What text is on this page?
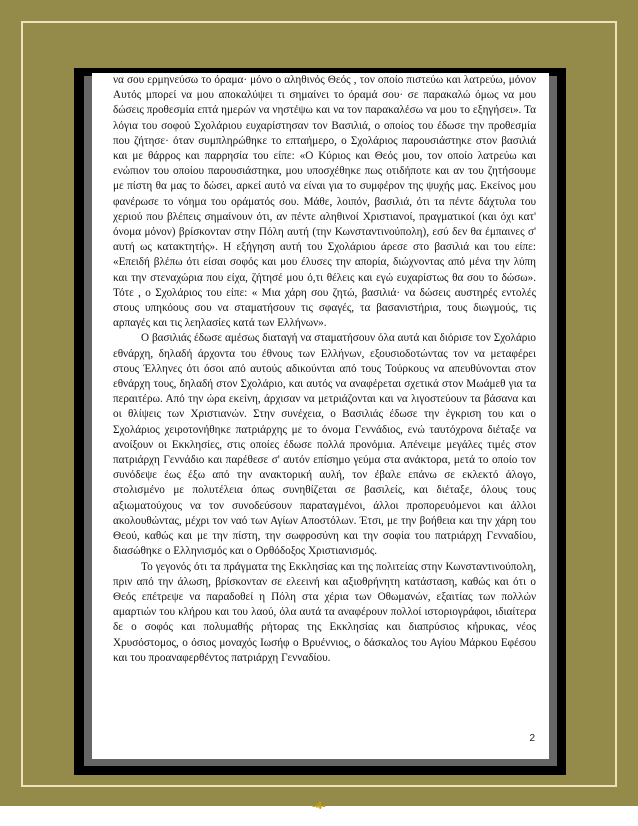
να σου ερμηνεύσω το όραμα· μόνο ο αληθινός Θεός , τον οποίο πιστεύω και λατρεύω, μόνον Αυτός μπορεί να μου αποκαλύψει τι σημαίνει το όραμά σου· σε παρακαλώ όμως να μου δώσεις προθεσμία επτά ημερών να νηστέψω και να τον παρακαλέσω να μου το εξηγήσει». Τα λόγια του σοφού Σχολάριου ευχαρίστησαν τον Βασιλιά, ο οποίος του έδωσε την προθεσμία που ζήτησε· όταν συμπληρώθηκε το επταήμερο, ο Σχολάριος παρουσιάστηκε στον βασιλιά και με θάρρος και παρρησία του είπε: «Ο Κύριος και Θεός μου, τον οποίο λατρεύω και ενώπιον του οποίου παρουσιάστηκα, μου υποσχέθηκε πως οτιδήποτε και αν του ζητήσουμε με πίστη θα μας το δώσει, αρκεί αυτό να είναι για το συμφέρον της ψυχής μας. Εκείνος μου φανέρωσε το νόημα του οράματός σου. Μάθε, λοιπόν, βασιλιά, ότι τα πέντε δάχτυλα του χεριού που βλέπεις σημαίνουν ότι, αν πέντε αληθινοί Χριστιανοί, πραγματικοί (και όχι κατ' όνομα μόνον) βρίσκονταν στην Πόλη αυτή (την Κωνσταντινούπολη), εσύ δεν θα έμπαινες σ' αυτή ως κατακτητής». Η εξήγηση αυτή του Σχολάριου άρεσε στο βασιλιά και του είπε: «Επειδή βλέπω ότι είσαι σοφός και μου έλυσες την απορία, διώχνοντας από μένα την λύπη και την στεναχώρια που είχα, ζήτησέ μου ό,τι θέλεις και εγώ ευχαρίστως θα σου το δώσω». Τότε , ο Σχολάριος του είπε: « Μια χάρη σου ζητώ, βασιλιά· να δώσεις αυστηρές εντολές στους υπηκόους σου να σταματήσουν τις σφαγές, τα βασανιστήρια, τους διωγμούς, τις αρπαγές και τις λεηλασίες κατά των Ελλήνων».

Ο βασιλιάς έδωσε αμέσως διαταγή να σταματήσουν όλα αυτά και διόρισε τον Σχολάριο εθνάρχη, δηλαδή άρχοντα του έθνους των Ελλήνων, εξουσιοδοτώντας τον να μεταφέρει στους Έλληνες ότι όσοι από αυτούς αδικούνται από τους Τούρκους να απευθύνονται στον εθνάρχη τους, δηλαδή στον Σχολάριο, και αυτός να αναφέρεται σχετικά στον Μωάμεθ για τα περαιτέρω. Από την ώρα εκείνη, άρχισαν να μετριάζονται και να λιγοστεύουν τα βάσανα και οι θλίψεις των Χριστιανών. Στην συνέχεια, ο Βασιλιάς έδωσε την έγκριση του και ο Σχολάριος χειροτονήθηκε πατριάρχης με το όνομα Γεννάδιος, ενώ ταυτόχρονα διέταξε να ανοίξουν οι Εκκλησίες, στις οποίες έδωσε πολλά προνόμια. Απένειμε μεγάλες τιμές στον πατριάρχη Γεννάδιο και παρέθεσε σ' αυτόν επίσημο γεύμα στα ανάκτορα, μετά το οποίο τον συνόδεψε έως έξω από την ανακτορική αυλή, τον έβαλε επάνω σε εκλεκτό άλογο, στολισμένο με πολυτέλεια όπως συνηθίζεται σε βασιλείς, και διέταξε, όλους τους αξιωματούχους να τον συνοδεύσουν παραταγμένοι, άλλοι προπορευόμενοι και άλλοι ακολουθώντας, μέχρι τον ναό των Αγίων Αποστόλων. Έτσι, με την βοήθεια και την χάρη του Θεού, καθώς και με την πίστη, την σωφροσύνη και την σοφία του πατριάρχη Γενναδίου, διασώθηκε ο Ελληνισμός και ο Ορθόδοξος Χριστιανισμός.

Το γεγονός ότι τα πράγματα της Εκκλησίας και της πολιτείας στην Κωνσταντινούπολη, πριν από την άλωση, βρίσκονταν σε ελεεινή και αξιοθρήνητη κατάσταση, καθώς και ότι ο Θεός επέτρεψε να παραδοθεί η Πόλη στα χέρια των Οθωμανών, εξαιτίας των πολλών αμαρτιών του κλήρου και του λαού, όλα αυτά τα αναφέρουν πολλοί ιστοριογράφοι, ιδιαίτερα δε ο σοφός και πολυμαθής ρήτορας της Εκκλησίας και διαπρύσιος κήρυκας, νέος Χρυσόστομος, ο όσιος μοναχός Ιωσήφ ο Βρυέννιος, ο δάσκαλος του Αγίου Μάρκου Εφέσου και του προαναφερθέντος πατριάρχη Γενναδίου.

2
-4-
